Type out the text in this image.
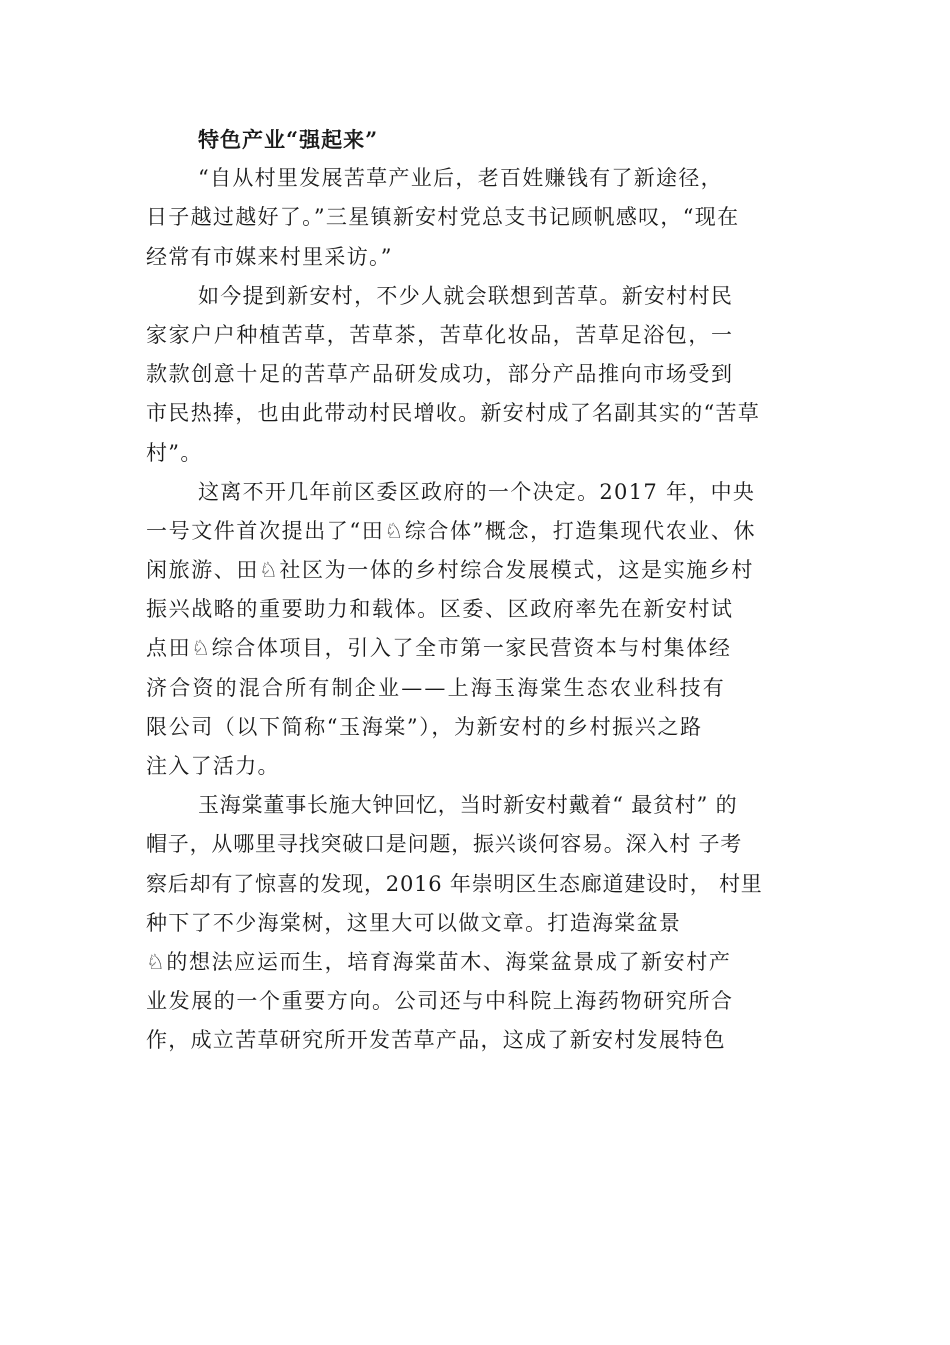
特色产业“强起来”
“自从村里发展苦草产业后，老百姓赚钱有了新途径，
日子越过越好了。”三星镇新安村党总支书记顾帆感叹，“现在
经常有市媒来村里采访。”
如今提到新安村，不少人就会联想到苦草。新安村村民
家家户户种植苦草，苦草茶，苦草化妆品，苦草足浴包，一
款款创意十足的苦草产品研发成功，部分产品推向市场受到
市民热捧，也由此带动村民增收。新安村成了名副其实的“苦草
村”。
这离不开几年前区委区政府的一个决定。2017 年，中央
一号文件首次提出了“田♘综合体”概念，打造集现代农业、休
闲旅游、田♘社区为一体的乡村综合发展模式，这是实施乡村
振兴战略的重要助力和载体。区委、区政府率先在新安村试
点田♘综合体项目，引入了全市第一家民营资本与村集体经
济合资的混合所有制企业——上海玉海棠生态农业科技有
限公司（以下简称“玉海棠”），为新安村的乡村振兴之路
注入了活力。
玉海棠董事长施大钟回忆，当时新安村戴着“ 最贫村” 的
帽子，从哪里寻找突破口是问题，振兴谈何容易。深入村 子考
察后却有了惊喜的发现，2016 年崇明区生态廊道建设时， 村里
种下了不少海棠树，这里大可以做文章。打造海棠盆景
♘的想法应运而生，培育海棠苗木、海棠盆景成了新安村产
业发展的一个重要方向。公司还与中科院上海药物研究所合
作，成立苦草研究所开发苦草产品，这成了新安村发展特色
